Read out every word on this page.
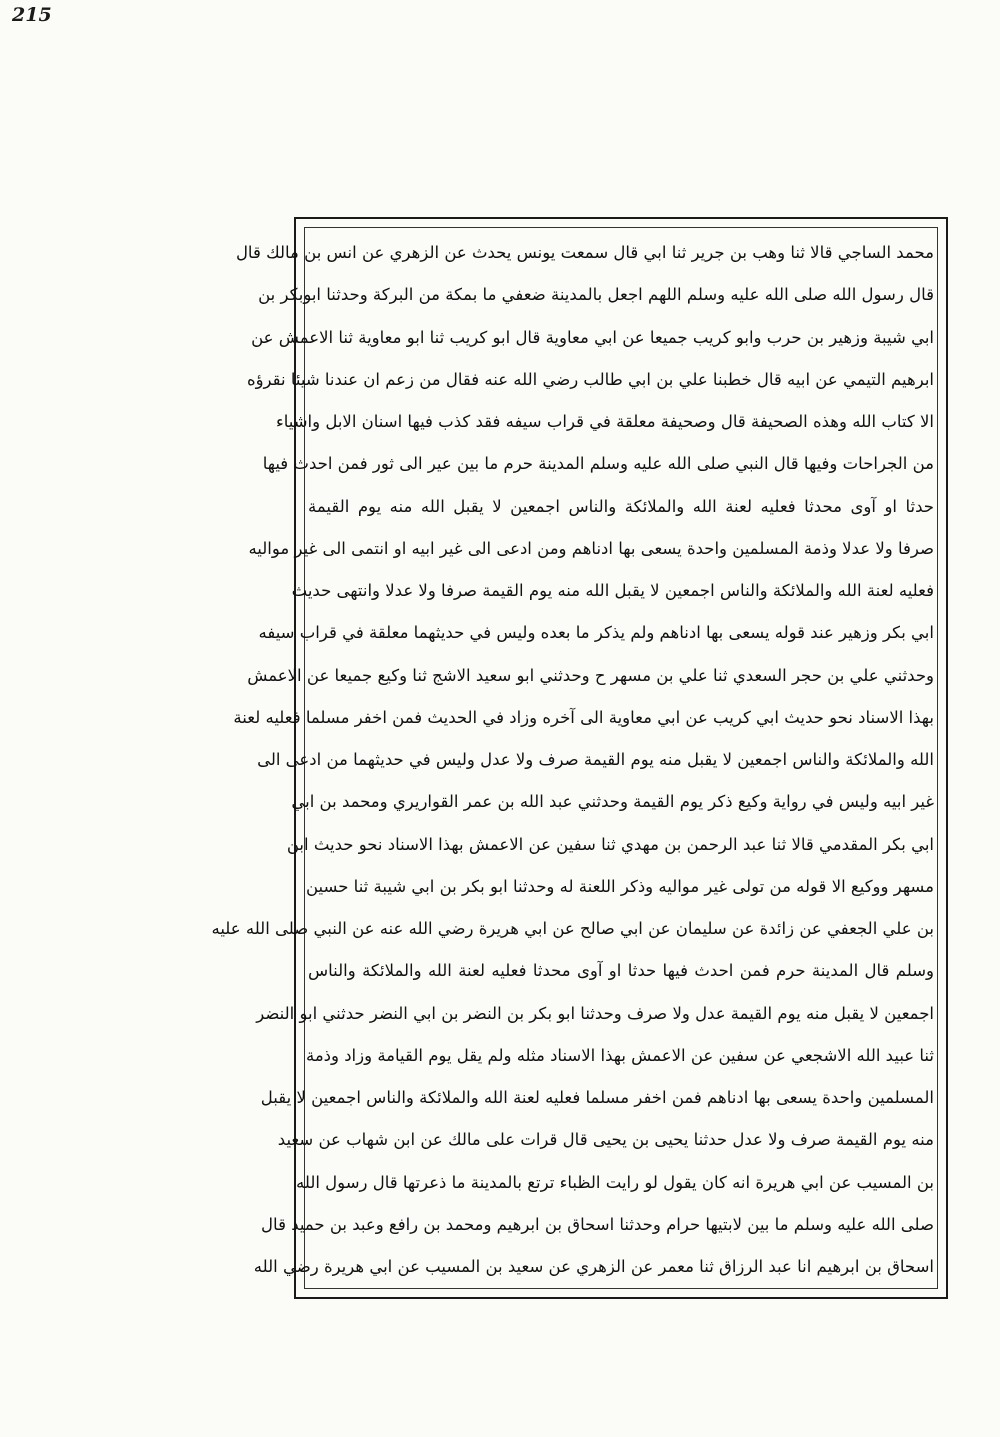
215
محمد الساجي قالا ثنا وهب بن جرير ثنا ابي قال سمعت يونس يحدث عن الزهري عن انس بن مالك قال
قال رسول الله صلى الله عليه وسلم اللهم اجعل بالمدينة ضعفي ما بمكة من البركة وحدثنا ابوبكر بن
ابي شيبة وزهير بن حرب وابو كريب جميعا عن ابي معاوية قال ابو كريب ثنا ابو معاوية ثنا الاعمش عن
ابرهيم التيمي عن ابيه قال خطبنا علي بن ابي طالب رضي الله عنه فقال من زعم ان عندنا شيئا نقرؤه
الا كتاب الله وهذه الصحيفة قال وصحيفة معلقة في قراب سيفه فقد كذب فيها اسنان الابل واشياء
من الجراحات وفيها قال النبي صلى الله عليه وسلم المدينة حرم ما بين عير الى ثور فمن احدث فيها
حدثا او آوى محدثا فعليه لعنة الله والملائكة والناس اجمعين لا يقبل الله منه يوم القيمة
صرفا ولا عدلا وذمة المسلمين واحدة يسعى بها ادناهم ومن ادعى الى غير ابيه او انتمى الى غير مواليه
فعليه لعنة الله والملائكة والناس اجمعين لا يقبل الله منه يوم القيمة صرفا ولا عدلا وانتهى حديث
ابي بكر وزهير عند قوله يسعى بها ادناهم ولم يذكر ما بعده وليس في حديثهما معلقة في قراب سيفه
وحدثني علي بن حجر السعدي ثنا علي بن مسهر ح وحدثني ابو سعيد الاشج ثنا وكيع جميعا عن الاعمش
بهذا الاسناد نحو حديث ابي كريب عن ابي معاوية الى آخره وزاد في الحديث فمن اخفر مسلما فعليه لعنة
الله والملائكة والناس اجمعين لا يقبل منه يوم القيمة صرف ولا عدل وليس في حديثهما من ادعى الى
غير ابيه وليس في رواية وكيع ذكر يوم القيمة وحدثني عبد الله بن عمر القواريري ومحمد بن ابي
ابي بكر المقدمي قالا ثنا عبد الرحمن بن مهدي ثنا سفين عن الاعمش بهذا الاسناد نحو حديث ابن
مسهر ووكيع الا قوله من تولى غير مواليه وذكر اللعنة له وحدثنا ابو بكر بن ابي شيبة ثنا حسين
بن علي الجعفي عن زائدة عن سليمان عن ابي صالح عن ابي هريرة رضي الله عنه عن النبي صلى الله عليه
وسلم قال المدينة حرم فمن احدث فيها حدثا او آوى محدثا فعليه لعنة الله والملائكة والناس
اجمعين لا يقبل منه يوم القيمة عدل ولا صرف وحدثنا ابو بكر بن النضر بن ابي النضر حدثني ابو النضر
ثنا عبيد الله الاشجعي عن سفين عن الاعمش بهذا الاسناد مثله ولم يقل يوم القيامة وزاد وذمة
المسلمين واحدة يسعى بها ادناهم فمن اخفر مسلما فعليه لعنة الله والملائكة والناس اجمعين لا يقبل
منه يوم القيمة صرف ولا عدل حدثنا يحيى بن يحيى قال قرات على مالك عن ابن شهاب عن سعيد
بن المسيب عن ابي هريرة انه كان يقول لو رايت الظباء ترتع بالمدينة ما ذعرتها قال رسول الله
صلى الله عليه وسلم ما بين لابتيها حرام وحدثنا اسحاق بن ابرهيم ومحمد بن رافع وعبد بن حميد قال
اسحاق بن ابرهيم انا عبد الرزاق ثنا معمر عن الزهري عن سعيد بن المسيب عن ابي هريرة رضي الله
